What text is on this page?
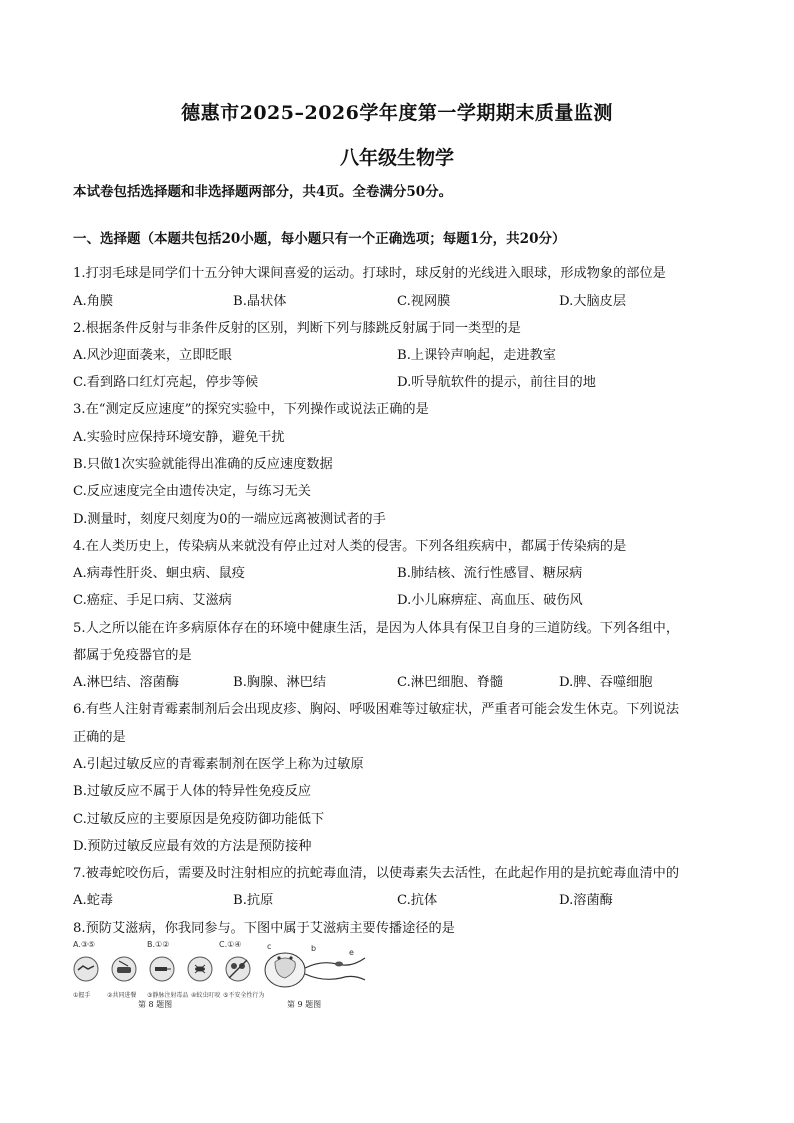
德惠市2025–2026学年度第一学期期末质量监测
八年级生物学
本试卷包括选择题和非选择题两部分，共4页。全卷满分50分。
一、选择题（本题共包括20小题，每小题只有一个正确选项；每题1分，共20分）
1.打羽毛球是同学们十五分钟大课间喜爱的运动。打球时，球反射的光线进入眼球，形成物象的部位是
A.角膜	B.晶状体	C.视网膜	D.大脑皮层
2.根据条件反射与非条件反射的区别，判断下列与膝跳反射属于同一类型的是
A.风沙迎面袭来，立即眨眼	B.上课铃声响起，走进教室
C.看到路口红灯亮起，停步等候	D.听导航软件的提示，前往目的地
3.在“测定反应速度”的探究实验中，下列操作或说法正确的是
A.实验时应保持环境安静，避免干扰
B.只做1次实验就能得出准确的反应速度数据
C.反应速度完全由遗传决定，与练习无关
D.测量时，刻度尺刻度为0的一端应远离被测试者的手
4.在人类历史上，传染病从来就没有停止过对人类的侵害。下列各组疾病中，都属于传染病的是
A.病毒性肝炎、蛔虫病、鼠疫	B.肺结核、流行性感冒、糖尿病
C.癌症、手足口病、艾滋病	D.小儿麻痹症、高血压、破伤风
5.人之所以能在许多病原体存在的环境中健康生活，是因为人体具有保卫自身的三道防线。下列各组中，
都属于免疫器官的是
A.淋巴结、溶菌酶	B.胸腺、淋巴结	C.淋巴细胞、脊髓	D.脾、吞噬细胞
6.有些人注射青霉素制剂后会出现皮疹、胸闷、呼吸困难等过敏症状，严重者可能会发生休克。下列说法
正确的是
A.引起过敏反应的青霉素制剂在医学上称为过敏原
B.过敏反应不属于人体的特异性免疫反应
C.过敏反应的主要原因是免疫防御功能低下
D.预防过敏反应最有效的方法是预防接种
7.被毒蛇咬伤后，需要及时注射相应的抗蛇毒血清，以使毒素失去活性，在此起作用的是抗蛇毒血清中的
A.蛇毒	B.抗原	C.抗体	D.溶菌酶
8.预防艾滋病，你我同参与。下图中属于艾滋病主要传播途径的是
A.③⑤	B.①②	C.①④
①握手	②共同进餐 ③静脉注射毒品 ④蚊虫叮咬 ⑤不安全性行为
第 8 题图
b
c
e
第 9 题图
